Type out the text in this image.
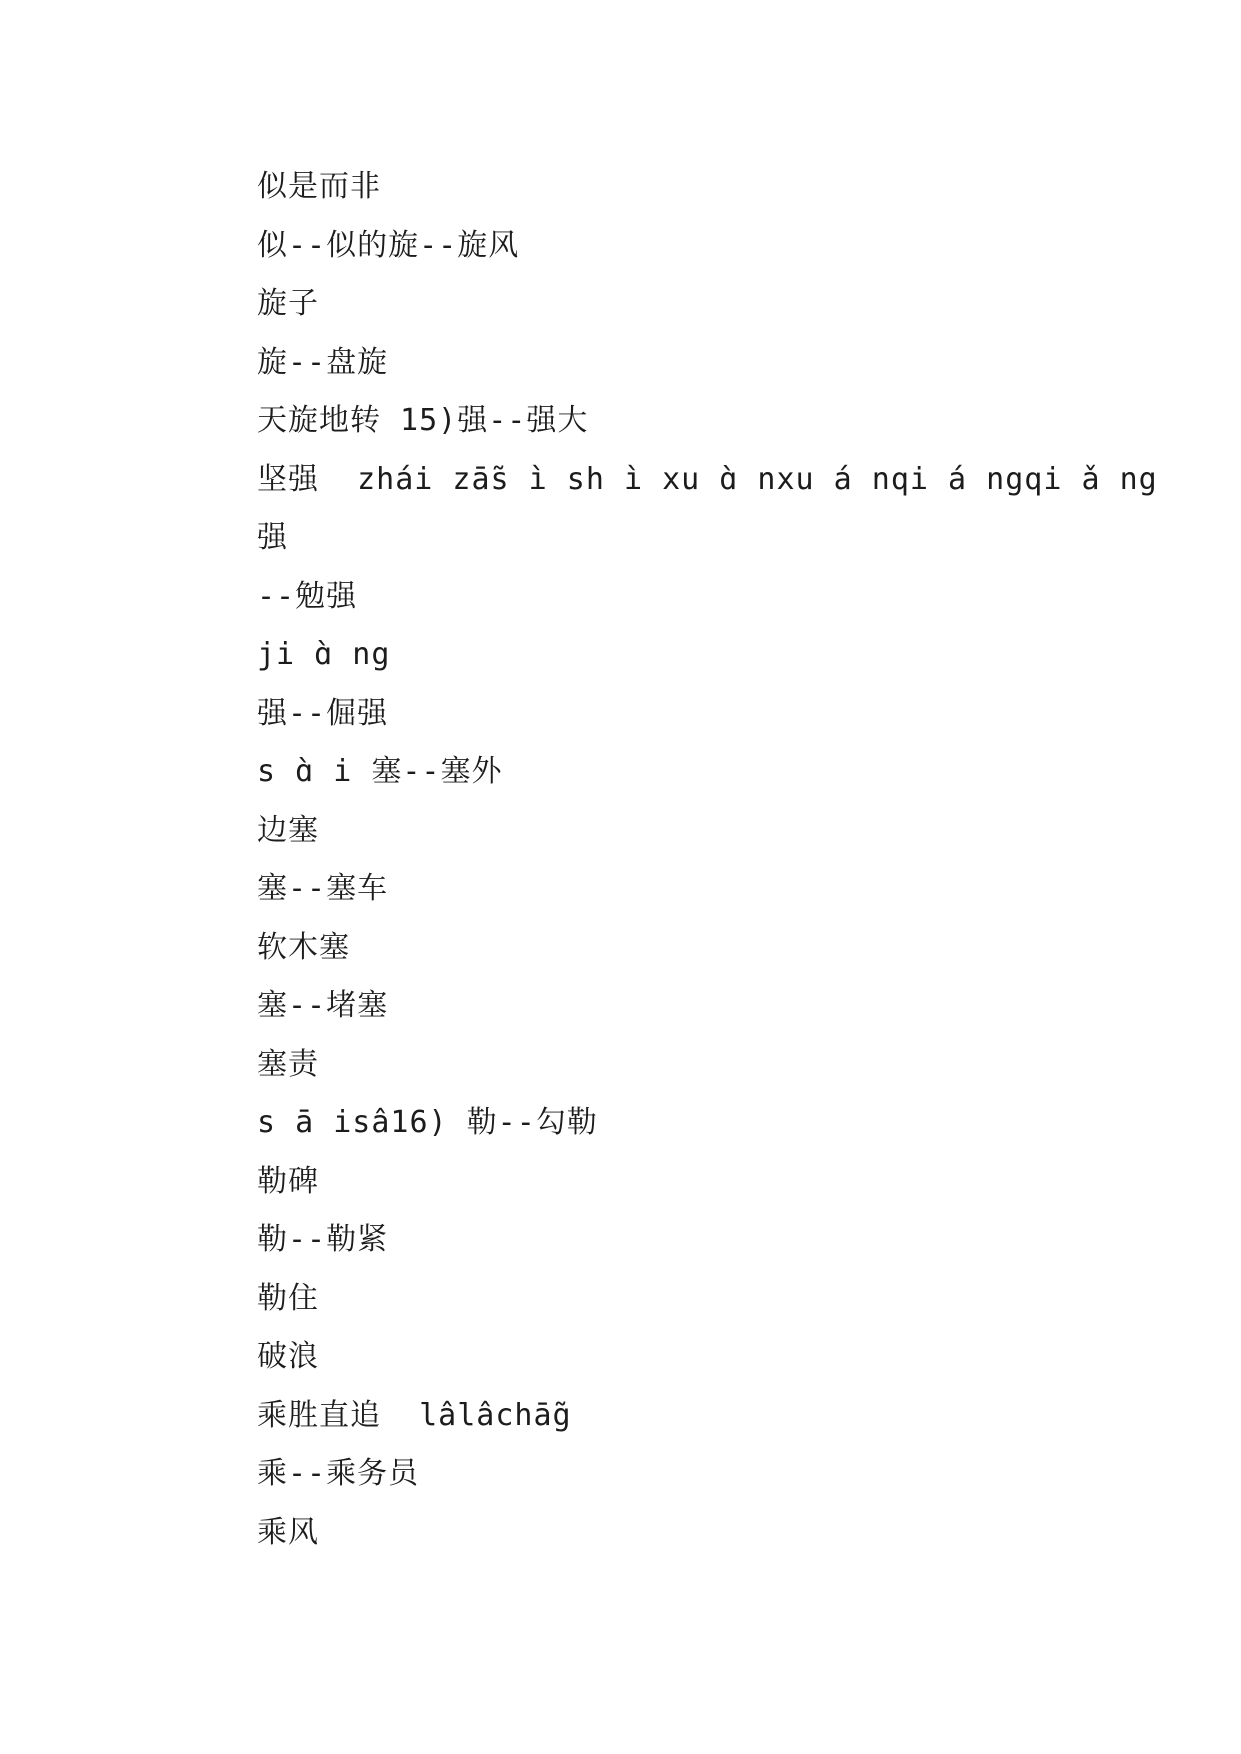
似是而非
似--似的旋--旋风
旋子
旋--盘旋
天旋地转 15)强--强大
坚强  zhái zā̃s ì sh ì xu ɑ̀ nxu á nqi á ngqi ǎ ng
强
--勉强
ji ɑ̀ ng
强--倔强
s ɑ̀ i 塞--塞外
边塞
塞--塞车
软木塞
塞--堵塞
塞责
s ā isâ16) 勒--勾勒
勒碑
勒--勒紧
勒住
破浪
乘胜直追  lâlâchā̃g
乘--乘务员
乘风
